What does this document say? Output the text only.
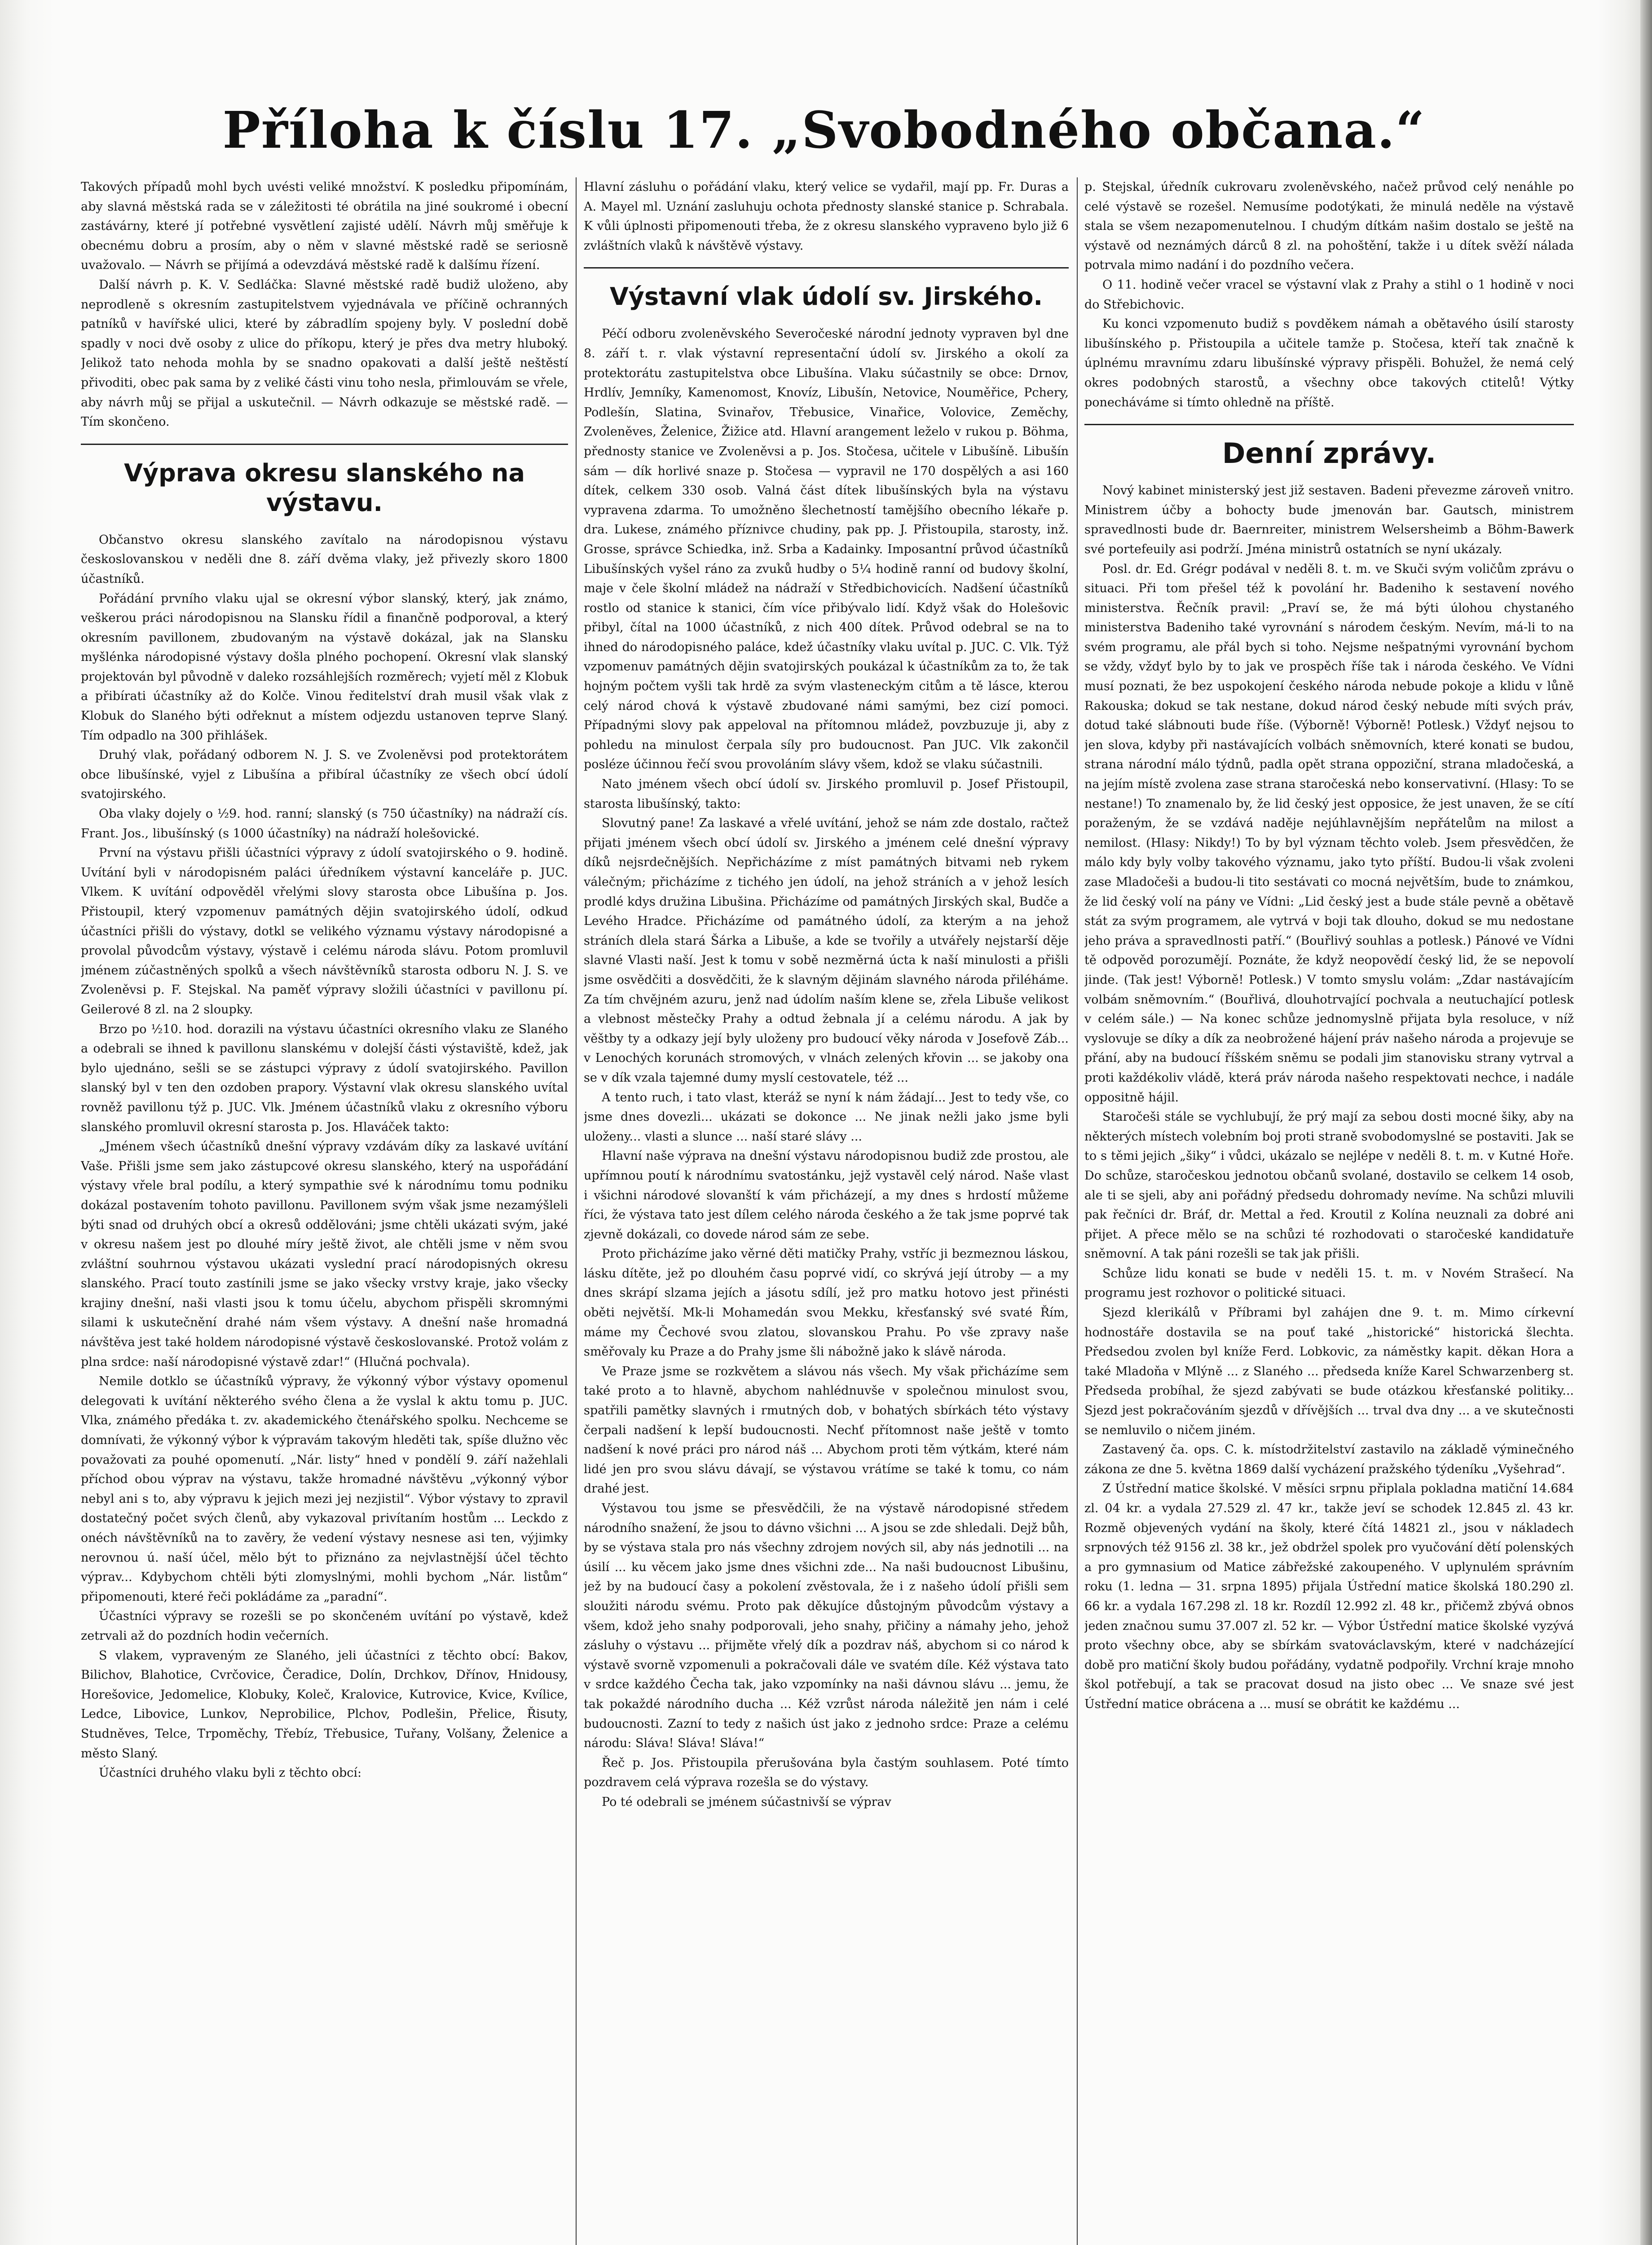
Příloha k číslu 17. „Svobodného občana.“

Takových případů mohl bych uvésti veliké množství. K posledku připomínám, aby slavná městská rada se v záležitosti té obrátila na jiné soukromé i obecní zastávárny, které jí potřebné vysvětlení zajisté udělí. Návrh můj směřuje k obecnému dobru a prosím, aby o něm v slavné městské radě se seriosně uvažovalo. — Návrh se přijímá a odevzdává městské radě k dalšímu řízení.

Další návrh p. K. V. Sedláčka: Slavné městské radě budiž uloženo, aby neprodleně s okresním zastupitelstvem vyjednávala ve příčině ochranných patníků v havířské ulici, které by zábradlím spojeny byly. V poslední době spadly v noci dvě osoby z ulice do příkopu, který je přes dva metry hluboký. Jelikož tato nehoda mohla by se snadno opakovati a další ještě neštěstí přivoditi, obec pak sama by z veliké části vinu toho nesla, přimlouvám se vřele, aby návrh můj se přijal a uskutečnil. — Návrh odkazuje se městské radě. — Tím skončeno.

Výprava okresu slanského na výstavu.

Občanstvo okresu slanského zavítalo na národopisnou výstavu českoslovanskou v neděli dne 8. září dvěma vlaky, jež přivezly skoro 1800 účastníků.

Pořádání prvního vlaku ujal se okresní výbor slanský, který, jak známo, veškerou práci národopisnou na Slansku řídil a finančně podporoval, a který okresním pavillonem, zbudovaným na výstavě dokázal, jak na Slansku myšlénka národopisné výstavy došla plného pochopení. Okresní vlak slanský projektován byl původně v daleko rozsáhlejších rozměrech; vyjetí měl z Klobuk a přibírati účastníky až do Kolče. Vinou ředitelství drah musil však vlak z Klobuk do Slaného býti odřeknut a místem odjezdu ustanoven teprve Slaný. Tím odpadlo na 300 přihlášek.

Druhý vlak, pořádaný odborem N. J. S. ve Zvoleněvsi pod protektorátem obce libušínské, vyjel z Libušína a přibíral účastníky ze všech obcí údolí svatojirského.

Oba vlaky dojely o ½9. hod. ranní; slanský (s 750 účastníky) na nádraží cís. Frant. Jos., libušínský (s 1000 účastníky) na nádraží holešovické.

První na výstavu přišli účastníci výpravy z údolí svatojirského o 9. hodině. Uvítání byli v národopisném paláci úředníkem výstavní kanceláře p. JUC. Vlkem. K uvítání odpověděl vřelými slovy starosta obce Libušína p. Jos. Přistoupil, který vzpomenuv památných dějin svatojirského údolí, odkud účastníci přišli do výstavy, dotkl se velikého významu výstavy národopisné a provolal původcům výstavy, výstavě i celému národa slávu. Potom promluvil jménem zúčastněných spolků a všech návštěvníků starosta odboru N. J. S. ve Zvoleněvsi p. F. Stejskal. Na paměť výpravy složili účastníci v pavillonu pí. Geilerové 8 zl. na 2 sloupky.

Brzo po ½10. hod. dorazili na výstavu účastníci okresního vlaku ze Slaného a odebrali se ihned k pavillonu slanskému v dolejší části výstaviště, kdež, jak bylo ujednáno, sešli se se zástupci výpravy z údolí svatojirského. Pavillon slanský byl v ten den ozdoben prapory. Výstavní vlak okresu slanského uvítal rovněž pavillonu týž p. JUC. Vlk. Jménem účastníků vlaku z okresního výboru slanského promluvil okresní starosta p. Jos. Hlaváček takto:

„Jménem všech účastníků dnešní výpravy vzdávám díky za laskavé uvítání Vaše. Přišli jsme sem jako zástupcové okresu slanského, který na uspořádání výstavy vřele bral podílu, a který sympathie své k národnímu tomu podniku dokázal postavením tohoto pavillonu. Pavillonem svým však jsme nezamýšleli býti snad od druhých obcí a okresů oddělováni; jsme chtěli ukázati svým, jaké v okresu našem jest po dlouhé míry ještě život, ale chtěli jsme v něm svou zvláštní souhrnou výstavou ukázati vyslední prací národopisných okresu slanského. Prací touto zastínili jsme se jako všecky vrstvy kraje, jako všecky krajiny dnešní, naši vlasti jsou k tomu účelu, abychom přispěli skromnými silami k uskutečnění drahé nám všem výstavy. A dnešní naše hromadná návštěva jest také holdem národopisné výstavě českoslovanské. Protož volám z plna srdce: naší národopisné výstavě zdar!“ (Hlučná pochvala).

Nemile dotklo se účastníků výpravy, že výkonný výbor výstavy opomenul delegovati k uvítání některého svého člena a že vyslal k aktu tomu p. JUC. Vlka, známého předáka t. zv. akademického čtenářského spolku. Nechceme se domnívati, že výkonný výbor k výpravám takovým hleděti tak, spíše dlužno věc považovati za pouhé opomenutí. „Nár. listy“ hned v pondělí 9. září nažehlali příchod obou výprav na výstavu, takže hromadné návštěvu „výkonný výbor nebyl ani s to, aby výpravu k jejich mezi jej nezjistil“. Výbor výstavy to zpravil dostatečný počet svých členů, aby vykazoval privítaním hostům ... Leckdo z onéch návštěvníků na to zavěry, že vedení výstavy nesnese asi ten, výjimky nerovnou ú. naší účel, mělo být to přiznáno za nejvlastnější účel těchto výprav... Kdybychom chtěli býti zlomyslnými, mohli bychom „Nár. listům“ připomenouti, které řeči pokládáme za „paradní“.

Účastníci výpravy se rozešli se po skončeném uvítání po výstavě, kdež zetrvali až do pozdních hodin večerních.

S vlakem, vypraveným ze Slaného, jeli účastníci z těchto obcí: Bakov, Bilichov, Blahotice, Cvrčovice, Čeradice, Dolín, Drchkov, Dřínov, Hnidousy, Horešovice, Jedomelice, Klobuky, Koleč, Kralovice, Kutrovice, Kvice, Kvílice, Ledce, Libovice, Lunkov, Neprobilice, Plchov, Podlešin, Přelice, Řisuty, Studněves, Telce, Trpoměchy, Třebíz, Třebusice, Tuřany, Volšany, Želenice a město Slaný.

Účastníci druhého vlaku byli z těchto obcí:

Hlavní zásluhu o pořádání vlaku, který velice se vydařil, mají pp. Fr. Duras a A. Mayel ml. Uznání zasluhuju ochota přednosty slanské stanice p. Schrabala. K vůli úplnosti připomenouti třeba, že z okresu slanského vypraveno bylo již 6 zvláštních vlaků k návštěvě výstavy.

Výstavní vlak údolí sv. Jirského.

Péčí odboru zvoleněvského Severočeské národní jednoty vypraven byl dne 8. září t. r. vlak výstavní representační údolí sv. Jirského a okolí za protektorátu zastupitelstva obce Libušína. Vlaku súčastnily se obce: Drnov, Hrdlív, Jemníky, Kamenomost, Knovíz, Libušín, Netovice, Nouměřice, Pchery, Podlešín, Slatina, Svinařov, Třebusice, Vinařice, Volovice, Zeměchy, Zvoleněves, Želenice, Žižice atd. Hlavní arangement leželo v rukou p. Böhma, přednosty stanice ve Zvoleněvsi a p. Jos. Stočesa, učitele v Libušíně. Libušín sám — dík horlivé snaze p. Stočesa — vypravil ne 170 dospělých a asi 160 dítek, celkem 330 osob. Valná část dítek libušínských byla na výstavu vypravena zdarma. To umožněno šlechetností tamějšího obecního lékaře p. dra. Lukese, známého příznivce chudiny, pak pp. J. Přistoupila, starosty, inž. Grosse, správce Schiedka, inž. Srba a Kadainky. Imposantní průvod účastníků Libušínských vyšel ráno za zvuků hudby o 5¼ hodině ranní od budovy školní, maje v čele školní mládež na nádraží v Středbichovicích. Nadšení účastníků rostlo od stanice k stanici, čím více přibývalo lidí. Když však do Holešovic přibyl, čítal na 1000 účastníků, z nich 400 dítek. Průvod odebral se na to ihned do národopisného paláce, kdež účastníky vlaku uvítal p. JUC. C. Vlk. Týž vzpomenuv památných dějin svatojirských poukázal k účastníkům za to, že tak hojným počtem vyšli tak hrdě za svým vlasteneckým citům a tě lásce, kterou celý národ chová k výstavě zbudované námi samými, bez cizí pomoci. Případnými slovy pak appeloval na přítomnou mládež, povzbuzuje ji, aby z pohledu na minulost čerpala síly pro budoucnost. Pan JUC. Vlk zakončil posléze účinnou řečí svou provoláním slávy všem, kdož se vlaku súčastnili.

Nato jménem všech obcí údolí sv. Jirského promluvil p. Josef Přistoupil, starosta libušínský, takto:

Slovutný pane! Za laskavé a vřelé uvítání, jehož se nám zde dostalo, račtež přijati jménem všech obcí údolí sv. Jirského a jménem celé dnešní výpravy díků nejsrdečnějších. Nepřicházíme z míst památných bitvami neb rykem válečným; přicházíme z tichého jen údolí, na jehož stráních a v jehož lesích prodlé kdys družina Libušina. Přicházíme od památných Jirských skal, Budče a Levého Hradce. Přicházíme od památného údolí, za kterým a na jehož stráních dlela stará Šárka a Libuše, a kde se tvořily a utvářely nejstarší děje slavné Vlasti naší. Jest k tomu v sobě nezměrná úcta k naší minulosti a přišli jsme osvědčiti a dosvědčiti, že k slavným dějinám slavného národa přiléháme. Za tím chvějném azuru, jenž nad údolím naším klene se, zřela Libuše velikost a vlebnost městečky Prahy a odtud žebnala jí a celému národu. A jak by věštby ty a odkazy její byly uloženy pro budoucí věky národa v Josefově Záb... v Lenochých korunách stromových, v vlnách zelených křovin ... se jakoby ona se v dík vzala tajemné dumy myslí cestovatele, též ...

A tento ruch, i tato vlast, kteráž se nyní k nám žádají... Jest to tedy vše, co jsme dnes dovezli... ukázati se dokonce ... Ne jinak nežli jako jsme byli uloženy... vlasti a slunce ... naší staré slávy ...

Hlavní naše výprava na dnešní výstavu národopisnou budiž zde prostou, ale upřímnou poutí k národnímu svatostánku, jejž vystavěl celý národ. Naše vlast i všichni národové slovanští k vám přicházejí, a my dnes s hrdostí můžeme říci, že výstava tato jest dílem celého národa českého a že tak jsme poprvé tak zjevně dokázali, co dovede národ sám ze sebe.

Proto přicházíme jako věrné děti matičky Prahy, vstříc ji bezmeznou láskou, lásku dítěte, jež po dlouhém času poprvé vidí, co skrývá její útroby — a my dnes skrápí slzama jejích a jásotu sdílí, jež pro matku hotovo jest přinésti oběti největší. Mk-li Mohamedán svou Mekku, křesťanský své svaté Řím, máme my Čechové svou zlatou, slovanskou Prahu. Po vše zpravy naše směřovaly ku Praze a do Prahy jsme šli nábožně jako k slávě národa.

Ve Praze jsme se rozkvětem a slávou nás všech. My však přicházíme sem také proto a to hlavně, abychom nahlédnuvše v společnou minulost svou, spatřili pamětky slavných i rmutných dob, v bohatých sbírkách této výstavy čerpali nadšení k lepší budoucnosti. Nechť přítomnost naše ještě v tomto nadšení k nové práci pro národ náš ... Abychom proti těm výtkám, které nám lidé jen pro svou slávu dávají, se výstavou vrátíme se také k tomu, co nám drahé jest.

Výstavou tou jsme se přesvědčili, že na výstavě národopisné středem národního snažení, že jsou to dávno všichni ... A jsou se zde shledali. Dejž bůh, by se výstava stala pro nás všechny zdrojem nových sil, aby nás jednotili ... na úsilí ... ku věcem jako jsme dnes všichni zde... Na naši budoucnost Libušinu, jež by na budoucí časy a pokolení zvěstovala, že i z našeho údolí přišli sem sloužiti národu svému. Proto pak děkujíce důstojným původcům výstavy a všem, kdož jeho snahy podporovali, jeho snahy, přičiny a námahy jeho, jehož zásluhy o výstavu ... přijměte vřelý dík a pozdrav náš, abychom si co národ k výstavě svorně vzpomenuli a pokračovali dále ve svatém díle. Kéž výstava tato v srdce každého Čecha tak, jako vzpomínky na naši dávnou slávu ... jemu, že tak pokaždé národního ducha ... Kéž vzrůst národa náležitě jen nám i celé budoucnosti. Zazní to tedy z našich úst jako z jednoho srdce: Praze a celému národu: Sláva! Sláva! Sláva!“

Řeč p. Jos. Přistoupila přerušována byla častým souhlasem. Poté tímto pozdravem celá výprava rozešla se do výstavy.

Po té odebrali se jménem súčastnivší se výprav

p. Stejskal, úředník cukrovaru zvoleněvského, načež průvod celý nenáhle po celé výstavě se rozešel. Nemusíme podotýkati, že minulá neděle na výstavě stala se všem nezapomenutelnou. I chudým dítkám našim dostalo se ještě na výstavě od neznámých dárců 8 zl. na pohoštění, takže i u dítek svěží nálada potrvala mimo nadání i do pozdního večera.

O 11. hodině večer vracel se výstavní vlak z Prahy a stihl o 1 hodině v noci do Střebichovic.

Ku konci vzpomenuto budiž s povděkem námah a obětavého úsilí starosty libušínského p. Přistoupila a učitele tamže p. Stočesa, kteří tak značně k úplnému mravnímu zdaru libušínské výpravy přispěli. Bohužel, že nemá celý okres podobných starostů, a všechny obce takových ctitelů! Výtky ponecháváme si tímto ohledně na příště.

Denní zprávy.

Nový kabinet ministerský jest již sestaven. Badeni převezme zároveň vnitro. Ministrem účby a bohocty bude jmenován bar. Gautsch, ministrem spravedlnosti bude dr. Baernreiter, ministrem Welsersheimb a Böhm-Bawerk své portefeuily asi podrží. Jména ministrů ostatních se nyní ukázaly.

Posl. dr. Ed. Grégr podával v neděli 8. t. m. ve Skuči svým voličům zprávu o situaci. Při tom přešel též k povolání hr. Badeniho k sestavení nového ministerstva. Řečník pravil: „Praví se, že má býti úlohou chystaného ministerstva Badeniho také vyrovnání s národem českým. Nevím, má-li to na svém programu, ale přál bych si toho. Nejsme nešpatnými vyrovnání bychom se vždy, vždyť bylo by to jak ve prospěch říše tak i národa českého. Ve Vídni musí poznati, že bez uspokojení českého národa nebude pokoje a klidu v lůně Rakouska; dokud se tak nestane, dokud národ český nebude míti svých práv, dotud také slábnouti bude říše. (Výborně! Výborně! Potlesk.) Vždyť nejsou to jen slova, kdyby při nastávajících volbách sněmovních, které konati se budou, strana národní málo týdnů, padla opět strana oppoziční, strana mladočeská, a na jejím místě zvolena zase strana staročeská nebo konservativní. (Hlasy: To se nestane!) To znamenalo by, že lid český jest opposice, že jest unaven, že se cítí poraženým, že se vzdává naděje nejúhlavnějším nepřátelům na milost a nemilost. (Hlasy: Nikdy!) To by byl význam těchto voleb. Jsem přesvědčen, že málo kdy byly volby takového významu, jako tyto příští. Budou-li však zvoleni zase Mladočeši a budou-li tito sestávati co mocná největším, bude to známkou, že lid český volí na pány ve Vídni: „Lid český jest a bude stále pevně a obětavě stát za svým programem, ale vytrvá v boji tak dlouho, dokud se mu nedostane jeho práva a spravedlnosti patří.“ (Bouřlivý souhlas a potlesk.) Pánové ve Vídni tě odpověd porozumějí. Poznáte, že když neopovědí český lid, že se nepovolí jinde. (Tak jest! Výborně! Potlesk.) V tomto smyslu volám: „Zdar nastávajícím volbám sněmovním.“ (Bouřlivá, dlouhotrvající pochvala a neutuchající potlesk v celém sále.) — Na konec schůze jednomyslně přijata byla resoluce, v níž vyslovuje se díky a dík za neobrožené hájení práv našeho národa a projevuje se přání, aby na budoucí říšském sněmu se podali jim stanovisku strany vytrval a proti každékoliv vládě, která práv národa našeho respektovati nechce, i nadále oppositně hájil.

Staročeši stále se vychlubují, že prý mají za sebou dosti mocné šiky, aby na některých místech volebním boj proti straně svobodomyslné se postaviti. Jak se to s těmi jejich „šiky“ i vůdci, ukázalo se nejlépe v neděli 8. t. m. v Kutné Hoře. Do schůze, staročeskou jednotou občanů svolané, dostavilo se celkem 14 osob, ale ti se sjeli, aby ani pořádný předsedu dohromady nevíme. Na schůzi mluvili pak řečníci dr. Bráf, dr. Mettal a řed. Kroutil z Kolína neuznali za dobré ani přijet. A přece mělo se na schůzi té rozhodovati o staročeské kandidatuře sněmovní. A tak páni rozešli se tak jak přišli.

Schůze lidu konati se bude v neděli 15. t. m. v Novém Strašecí. Na programu jest rozhovor o politické situaci.

Sjezd klerikálů v Příbrami byl zahájen dne 9. t. m. Mimo církevní hodnostáře dostavila se na pouť také „historické“ historická šlechta. Předsedou zvolen byl kníže Ferd. Lobkovic, za náměstky kapit. děkan Hora a také Mladoňa v Mlýně ... z Slaného ... předseda kníže Karel Schwarzenberg st. Předseda probíhal, že sjezd zabývati se bude otázkou křesťanské politiky... Sjezd jest pokračováním sjezdů v dřívějších ... trval dva dny ... a ve skutečnosti se nemluvilo o ničem jiném.

Zastavený ča. ops. C. k. místodržitelství zastavilo na základě výminečného zákona ze dne 5. května 1869 další vycházení pražského týdeníku „Vyšehrad“.

Z Ústřední matice školské. V měsíci srpnu připlala pokladna matiční 14.684 zl. 04 kr. a vydala 27.529 zl. 47 kr., takže jeví se schodek 12.845 zl. 43 kr. Rozmě objevených vydání na školy, které čítá 14821 zl., jsou v nákladech srpnových též 9156 zl. 38 kr., jež obdržel spolek pro vyučování dětí polenských a pro gymnasium od Matice zábřežské zakoupeného. V uplynulém správním roku (1. ledna — 31. srpna 1895) přijala Ústřední matice školská 180.290 zl. 66 kr. a vydala 167.298 zl. 18 kr. Rozdíl 12.992 zl. 48 kr., přičemž zbývá obnos jeden značnou sumu 37.007 zl. 52 kr. — Výbor Ústřední matice školské vyzývá proto všechny obce, aby se sbírkám svatováclavským, které v nadcházející době pro matiční školy budou pořádány, vydatně podpořily. Vrchní kraje mnoho škol potřebují, a tak se pracovat dosud na jisto obec ... Ve snaze své jest Ústřední matice obrácena a ... musí se obrátit ke každému ...
